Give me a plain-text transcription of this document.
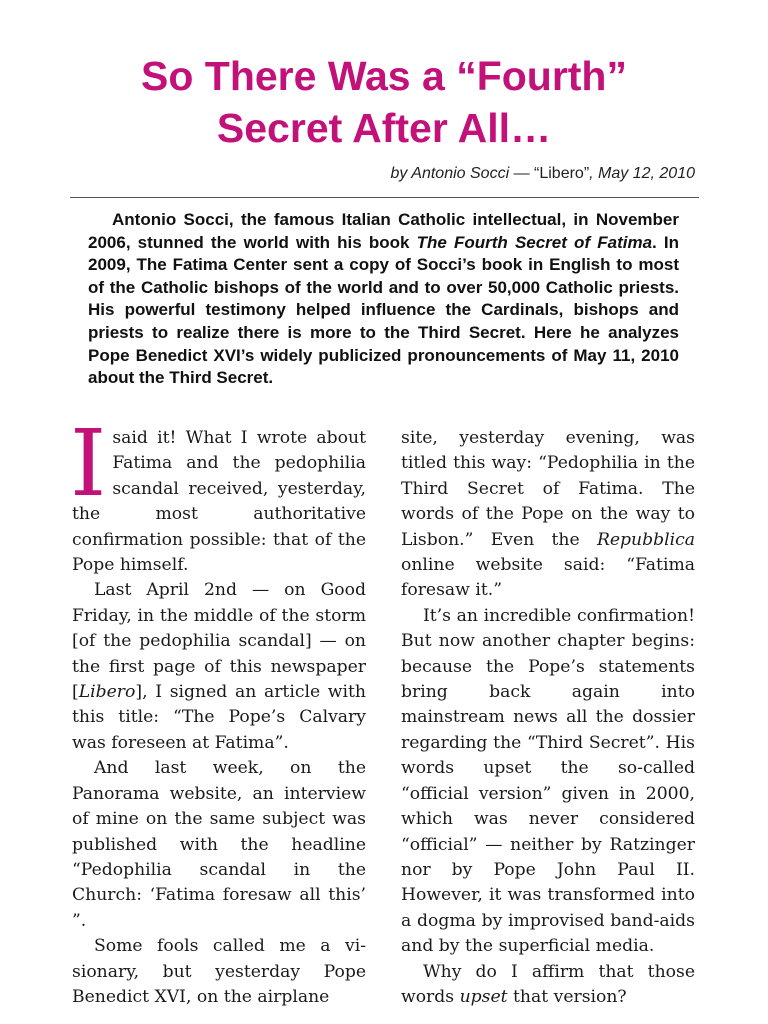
So There Was a “Fourth”
Secret After All…

by Antonio Socci — “Libero”, May 12, 2010

Antonio Socci, the famous Italian Catholic intellectual, in November 2006, stunned the world with his book The Fourth Secret of Fatima. In 2009, The Fatima Center sent a copy of Socci’s book in English to most of the Catholic bishops of the world and to over 50,000 Catholic priests. His powerful testimony helped influence the Cardinals, bishops and priests to realize there is more to the Third Secret. Here he analyzes Pope Benedict XVI’s widely publicized pronouncements of May 11, 2010 about the Third Secret.

Isaid it! What I wrote about Fatima and the pedophilia scandal received, yesterday, the most authoritative confirmation possible: that of the Pope himself.

Last April 2nd — on Good Friday, in the middle of the storm [of the pedophilia scandal] — on the first page of this newspaper [Libero], I signed an article with this title: “The Pope’s Calvary was foreseen at Fatima”.

And last week, on the Panorama website, an interview of mine on the same subject was published with the headline “Pedophilia scandal in the Church: ‘Fatima foresaw all this’ ”.

Some fools called me a visionary, but yesterday Pope Benedict XVI, on the airplane

site, yesterday evening, was titled this way: “Pedophilia in the Third Secret of Fatima. The words of the Pope on the way to Lisbon.” Even the Repubblica online website said: “Fatima foresaw it.”

It’s an incredible confirmation! But now another chapter begins: because the Pope’s statements bring back again into mainstream news all the dossier regarding the “Third Secret”. His words upset the so-called “official version” given in 2000, which was never considered “official” — neither by Ratzinger nor by Pope John Paul II. However, it was transformed into a dogma by improvised band-aids and by the superficial media.

Why do I affirm that those words upset that version?
